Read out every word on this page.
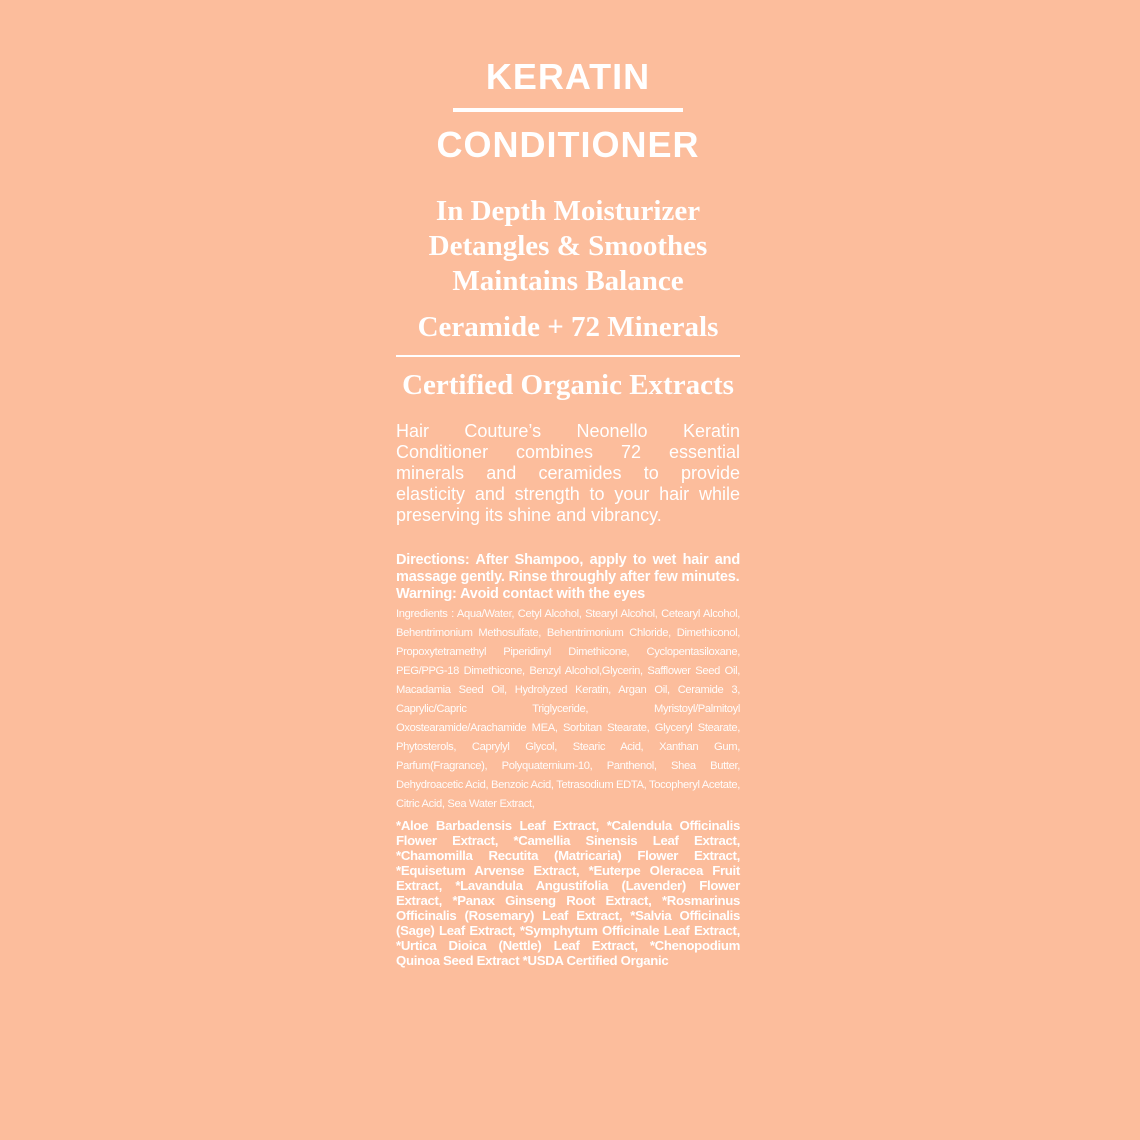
KERATIN
CONDITIONER
In Depth Moisturizer
Detangles & Smoothes
Maintains Balance
Ceramide + 72 Minerals
Certified Organic Extracts

Hair Couture’s Neonello Keratin Conditioner combines 72 essential minerals and ceramides to provide elasticity and strength to your hair while preserving its shine and vibrancy.

Directions: After Shampoo, apply to wet hair and massage gently. Rinse throughly after few minutes.
Warning: Avoid contact with the eyes
Ingredients : Aqua/Water, Cetyl Alcohol, Stearyl Alcohol, Cetearyl Alcohol, Behentrimonium Methosulfate, Behentrimonium Chloride, Dimethiconol, Propoxytetramethyl Piperidinyl Dimethicone, Cyclopentasiloxane, PEG/PPG-18 Dimethicone, Benzyl Alcohol,Glycerin, Safflower Seed Oil, Macadamia Seed Oil, Hydrolyzed Keratin, Argan Oil, Ceramide 3, Caprylic/Capric Triglyceride, Myristoyl/Palmitoyl Oxostearamide/Arachamide MEA, Sorbitan Stearate, Glyceryl Stearate, Phytosterols, Caprylyl Glycol, Stearic Acid, Xanthan Gum, Parfum(Fragrance), Polyquaternium-10, Panthenol, Shea Butter, Dehydroacetic Acid, Benzoic Acid, Tetrasodium EDTA, Tocopheryl Acetate, Citric Acid, Sea Water Extract,
*Aloe Barbadensis Leaf Extract, *Calendula Officinalis Flower Extract, *Camellia Sinensis Leaf Extract, *Chamomilla Recutita (Matricaria) Flower Extract, *Equisetum Arvense Extract, *Euterpe Oleracea Fruit Extract, *Lavandula Angustifolia (Lavender) Flower Extract, *Panax Ginseng Root Extract, *Rosmarinus Officinalis (Rosemary) Leaf Extract, *Salvia Officinalis (Sage) Leaf Extract, *Symphytum Officinale Leaf Extract, *Urtica Dioica (Nettle) Leaf Extract, *Chenopodium Quinoa Seed Extract *USDA Certified Organic
